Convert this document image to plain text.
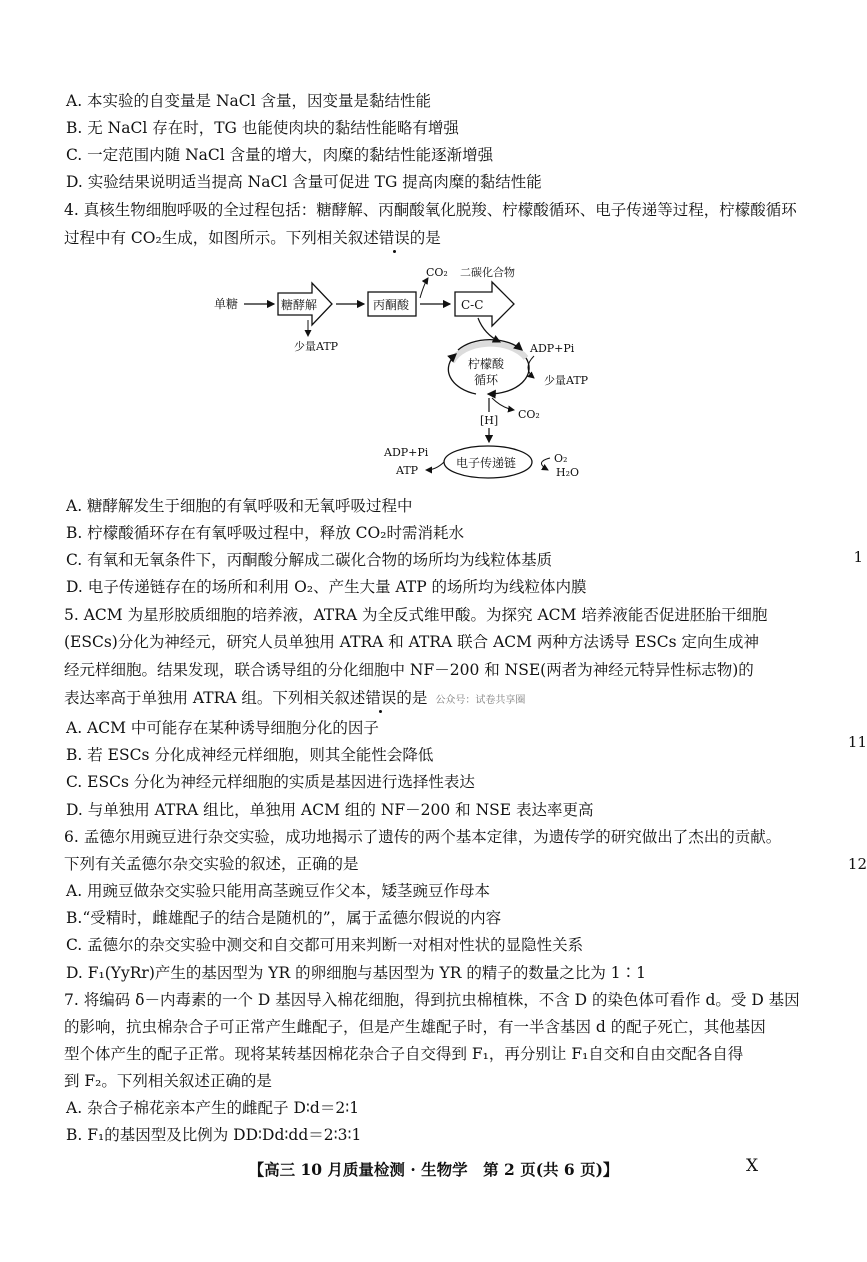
A. 本实验的自变量是 NaCl 含量，因变量是黏结性能
B. 无 NaCl 存在时，TG 也能使肉块的黏结性能略有增强
C. 一定范围内随 NaCl 含量的增大，肉糜的黏结性能逐渐增强
D. 实验结果说明适当提高 NaCl 含量可促进 TG 提高肉糜的黏结性能
4. 真核生物细胞呼吸的全过程包括：糖酵解、丙酮酸氧化脱羧、柠檬酸循环、电子传递等过程，柠檬酸循环
过程中有 CO₂生成，如图所示。下列相关叙述错误的是
单糖	糖酵解
少量ATP
丙酮酸
CO₂ 二碳化合物
C-C
柠檬酸
循环
ADP+Pi
少量ATP
[H] CO₂
电子传递链
ADP+Pi
ATP
O₂
H₂O
A. 糖酵解发生于细胞的有氧呼吸和无氧呼吸过程中
B. 柠檬酸循环存在有氧呼吸过程中，释放 CO₂时需消耗水
C. 有氧和无氧条件下，丙酮酸分解成二碳化合物的场所均为线粒体基质
D. 电子传递链存在的场所和利用 O₂、产生大量 ATP 的场所均为线粒体内膜
5. ACM 为星形胶质细胞的培养液，ATRA 为全反式维甲酸。为探究 ACM 培养液能否促进胚胎干细胞
(ESCs)分化为神经元，研究人员单独用 ATRA 和 ATRA 联合 ACM 两种方法诱导 ESCs 定向生成神
经元样细胞。结果发现，联合诱导组的分化细胞中 NF－200 和 NSE(两者为神经元特异性标志物)的
表达率高于单独用 ATRA 组。下列相关叙述错误的是 公众号：试卷共享圈
A. ACM 中可能存在某种诱导细胞分化的因子
B. 若 ESCs 分化成神经元样细胞，则其全能性会降低
C. ESCs 分化为神经元样细胞的实质是基因进行选择性表达
D. 与单独用 ATRA 组比，单独用 ACM 组的 NF－200 和 NSE 表达率更高
6. 孟德尔用豌豆进行杂交实验，成功地揭示了遗传的两个基本定律，为遗传学的研究做出了杰出的贡献。
下列有关孟德尔杂交实验的叙述，正确的是
A. 用豌豆做杂交实验只能用高茎豌豆作父本，矮茎豌豆作母本
B.“受精时，雌雄配子的结合是随机的”，属于孟德尔假说的内容
C. 孟德尔的杂交实验中测交和自交都可用来判断一对相对性状的显隐性关系
D. F₁(YyRr)产生的基因型为 YR 的卵细胞与基因型为 YR 的精子的数量之比为 1∶1
7. 将编码 δ－内毒素的一个 D 基因导入棉花细胞，得到抗虫棉植株，不含 D 的染色体可看作 d。受 D 基因
的影响，抗虫棉杂合子可正常产生雌配子，但是产生雄配子时，有一半含基因 d 的配子死亡，其他基因
型个体产生的配子正常。现将某转基因棉花杂合子自交得到 F₁，再分别让 F₁自交和自由交配各自得
到 F₂。下列相关叙述正确的是
A. 杂合子棉花亲本产生的雌配子 D∶d＝2∶1
B. F₁的基因型及比例为 DD∶Dd∶dd＝2∶3∶1
1
11
12
【高三 10 月质量检测 · 生物学　第 2 页(共 6 页)】	X
